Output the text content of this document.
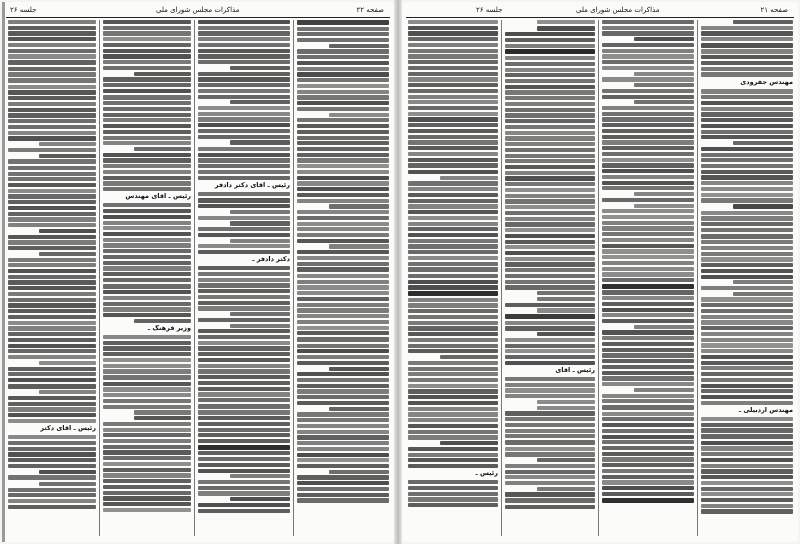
جلسه ۲۶	مذاکرات مجلس شورای ملی	صفحه ۲۲
رئیس ـ آقای دکتر
رئیس ـ آقای مهندس
وزیر فرهنگ ـ
رئیس ـ آقای دکتر دادفر
دکتر دادفر ـ
جلسه ۲۶	مذاکرات مجلس شورای ملی	صفحه ۲۱
رئیس ـ
رئیس ـ آقای
مهندس جفرودی
مهندس اردبیلی ـ
